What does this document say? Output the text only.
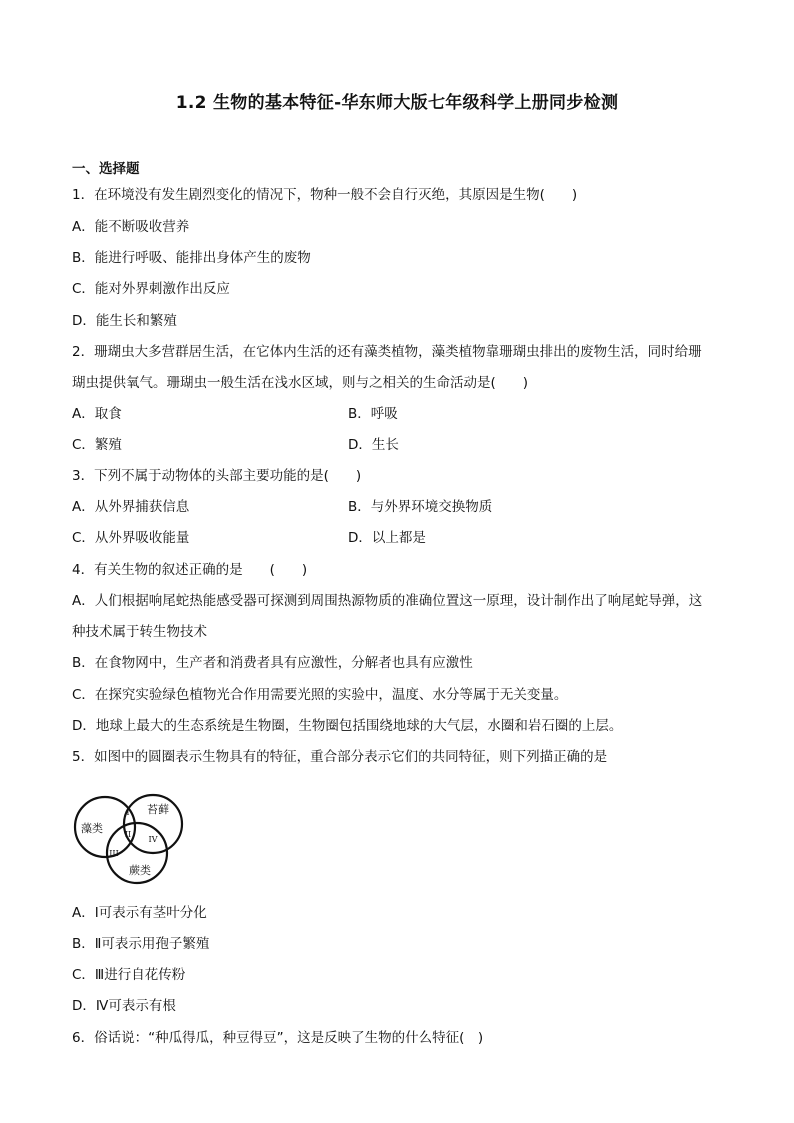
1.2 生物的基本特征-华东师大版七年级科学上册同步检测
一、选择题
1．在环境没有发生剧烈变化的情况下，物种一般不会自行灭绝，其原因是生物(　　)
A．能不断吸收营养
B．能进行呼吸、能排出身体产生的废物
C．能对外界刺激作出反应
D．能生长和繁殖
2．珊瑚虫大多营群居生活，在它体内生活的还有藻类植物，藻类植物靠珊瑚虫排出的废物生活，同时给珊
瑚虫提供氧气。珊瑚虫一般生活在浅水区域，则与之相关的生命活动是(　　)
A．取食	B．呼吸
C．繁殖	D．生长
3．下列不属于动物体的头部主要功能的是(　　)
A．从外界捕获信息	B．与外界环境交换物质
C．从外界吸收能量	D．以上都是
4．有关生物的叙述正确的是　　(　　)
A．人们根据响尾蛇热能感受器可探测到周围热源物质的准确位置这一原理，设计制作出了响尾蛇导弹，这
种技术属于转生物技术
B．在食物网中，生产者和消费者具有应激性，分解者也具有应激性
C．在探究实验绿色植物光合作用需要光照的实验中，温度、水分等属于无关变量。
D．地球上最大的生态系统是生物圈，生物圈包括围绕地球的大气层，水圈和岩石圈的上层。
5．如图中的圆圈表示生物具有的特征，重合部分表示它们的共同特征，则下列描正确的是
藻类
苔藓
蕨类
I
II
III
IV
A．Ⅰ可表示有茎叶分化
B．Ⅱ可表示用孢子繁殖
C．Ⅲ进行自花传粉
D．Ⅳ可表示有根
6．俗话说：“种瓜得瓜，种豆得豆”，这是反映了生物的什么特征(　)
